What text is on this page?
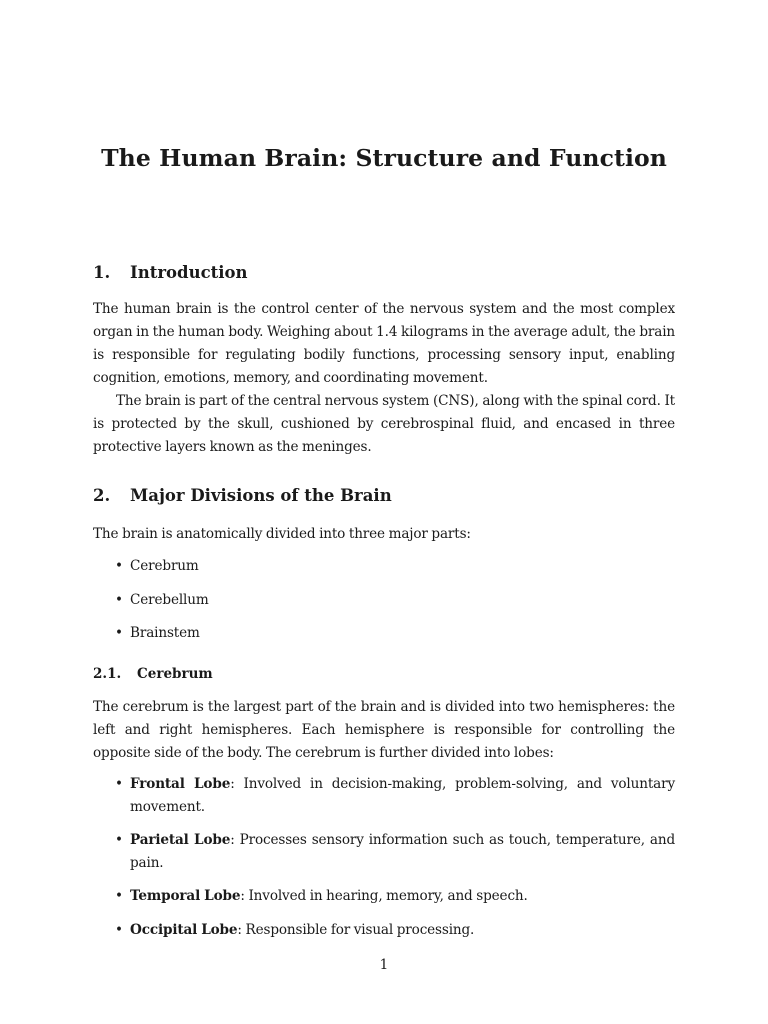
The Human Brain: Structure and Function
1. Introduction

The human brain is the control center of the nervous system and the most complex organ in the human body. Weighing about 1.4 kilograms in the average adult, the brain is responsible for regulating bodily functions, processing sensory input, enabling cognition, emotions, memory, and coordinating movement.

The brain is part of the central nervous system (CNS), along with the spinal cord. It is protected by the skull, cushioned by cerebrospinal fluid, and encased in three protective layers known as the meninges.

2. Major Divisions of the Brain

The brain is anatomically divided into three major parts:

• Cerebrum
• Cerebellum
• Brainstem
2.1. Cerebrum

The cerebrum is the largest part of the brain and is divided into two hemispheres: the left and right hemispheres. Each hemisphere is responsible for controlling the opposite side of the body. The cerebrum is further divided into lobes:

• Frontal Lobe: Involved in decision-making, problem-solving, and voluntary movement.
• Parietal Lobe: Processes sensory information such as touch, temperature, and pain.
• Temporal Lobe: Involved in hearing, memory, and speech.
• Occipital Lobe: Responsible for visual processing.
1
